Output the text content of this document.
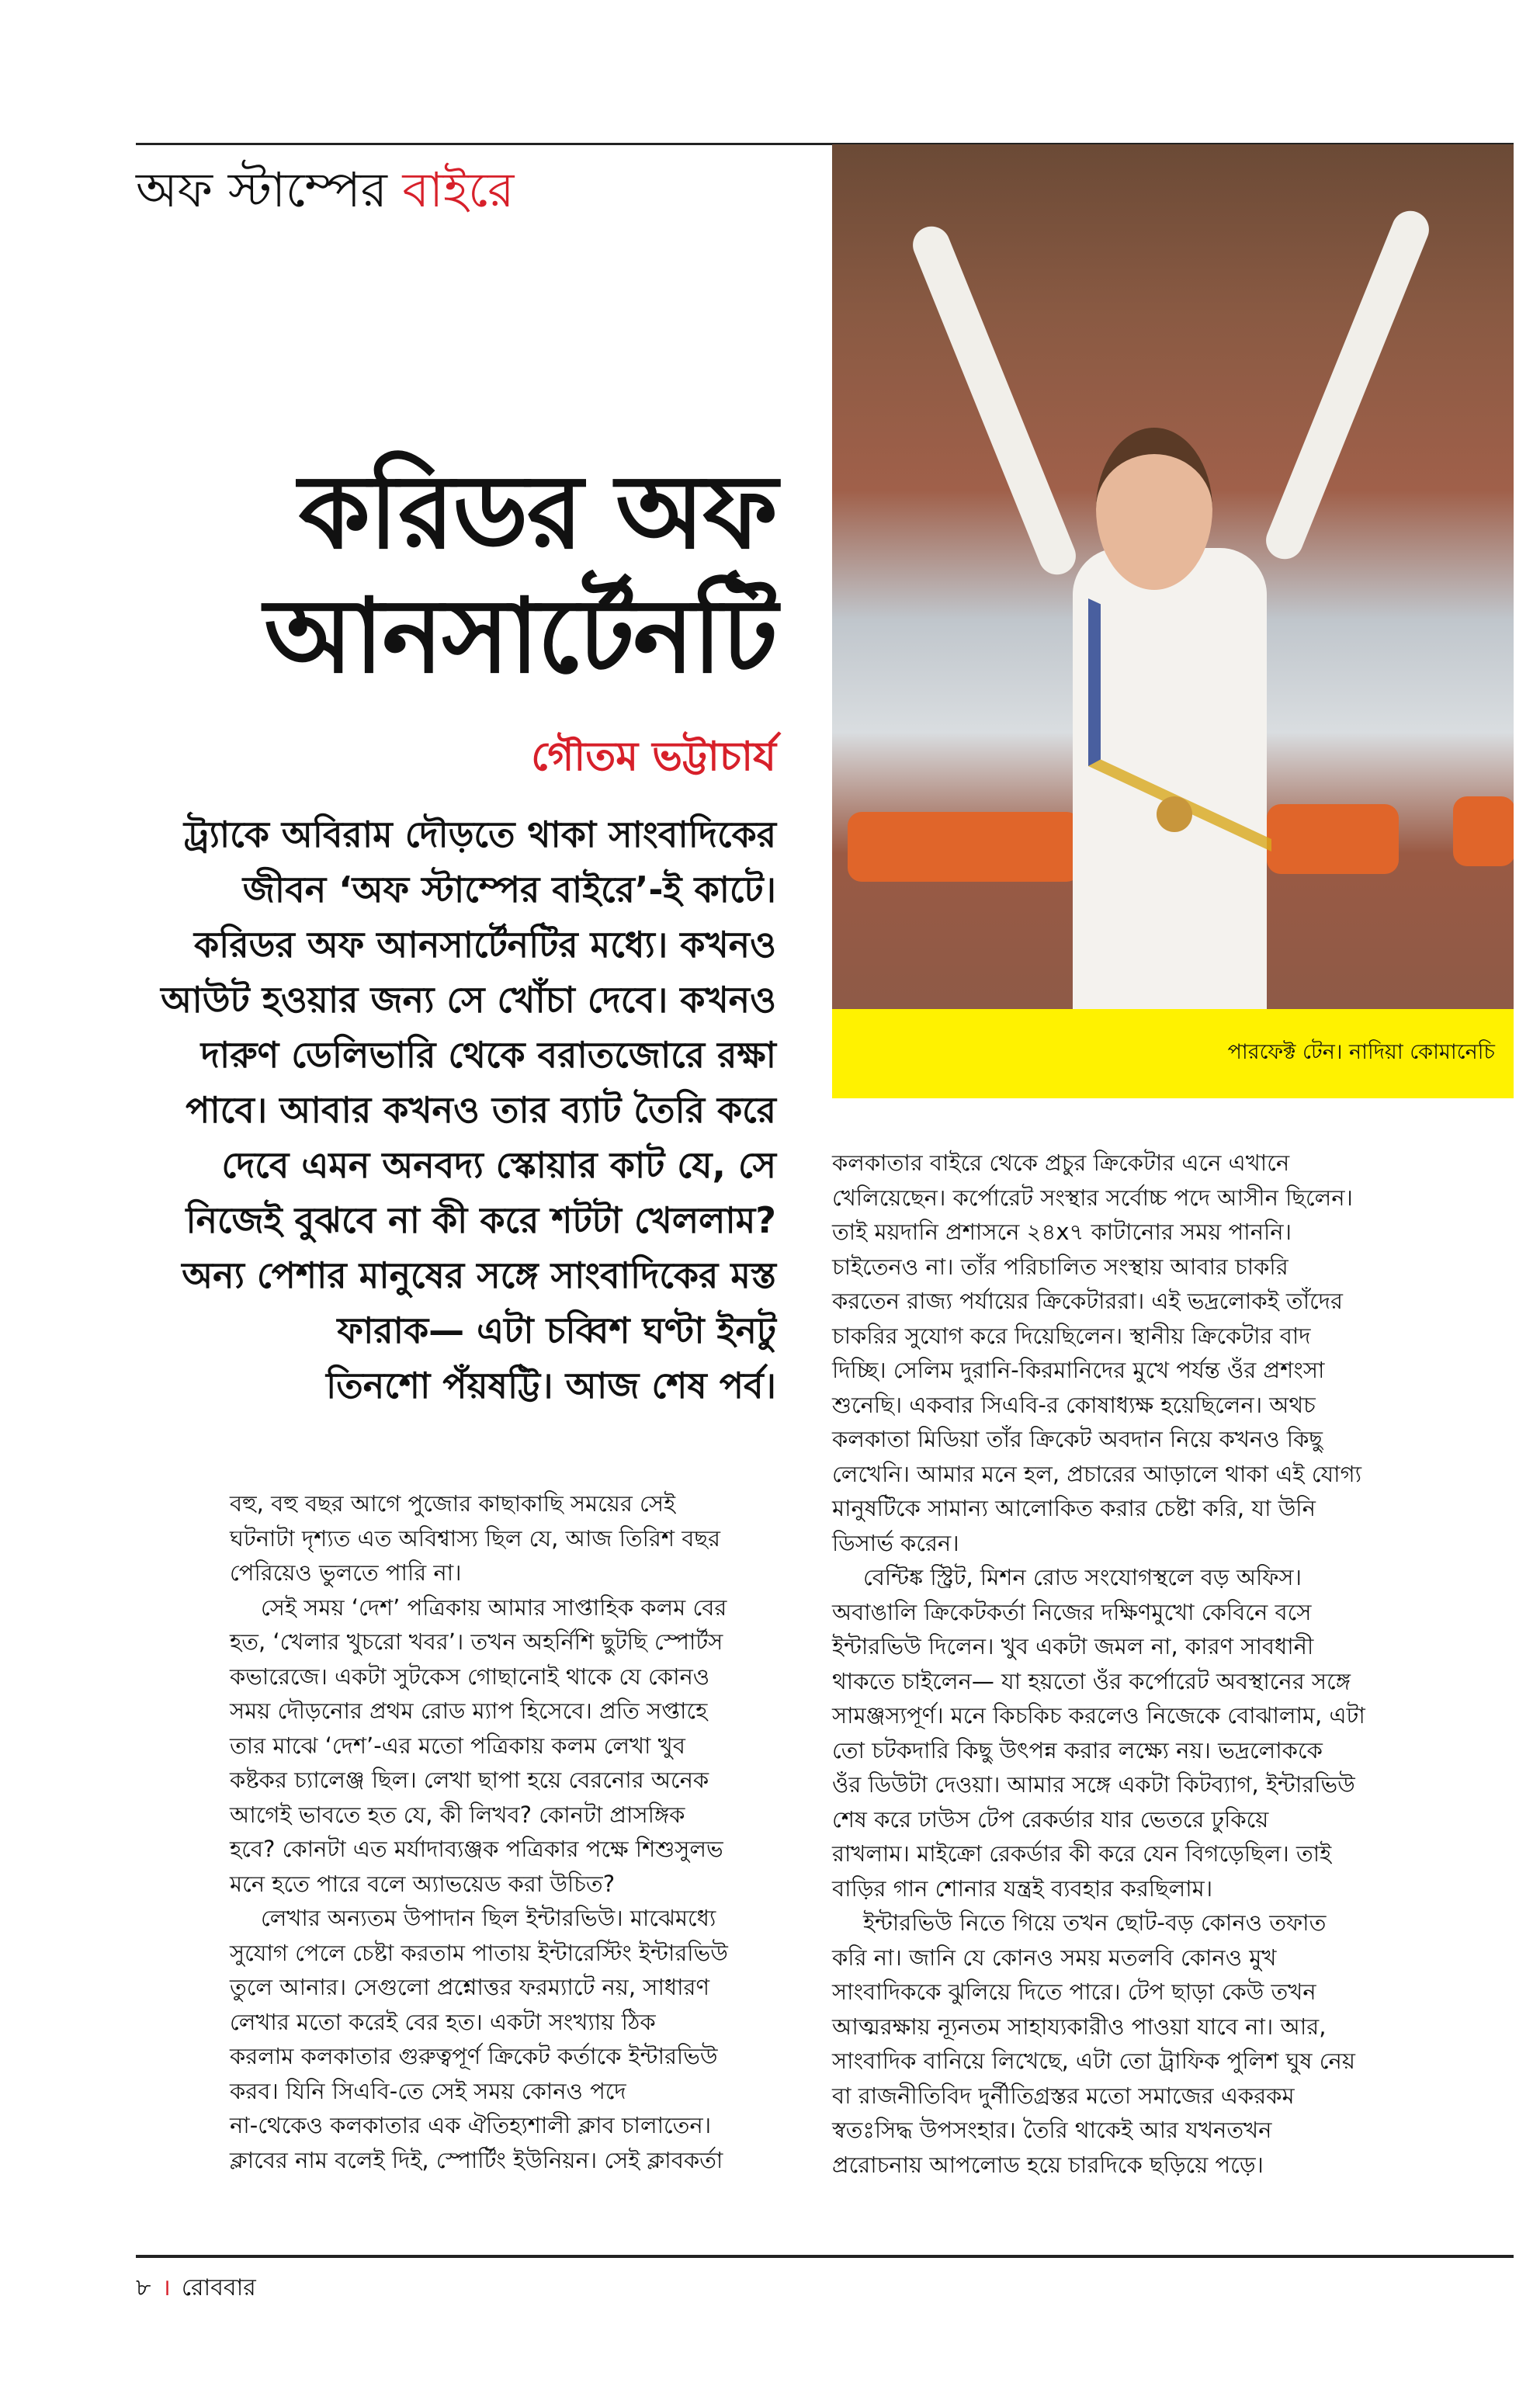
অফ স্টাম্পের বাইরে
করিডর অফ
আনসার্টেনটি
গৌতম ভট্টাচার্য
ট্র্যাকে অবিরাম দৌড়তে থাকা সাংবাদিকের
জীবন ‘অফ স্টাম্পের বাইরে’-ই কাটে।
করিডর অফ আনসার্টেনটির মধ্যে। কখনও
আউট হওয়ার জন্য সে খোঁচা দেবে। কখনও
দারুণ ডেলিভারি থেকে বরাতজোরে রক্ষা
পাবে। আবার কখনও তার ব্যাট তৈরি করে
দেবে এমন অনবদ্য স্কোয়ার কাট যে, সে
নিজেই বুঝবে না কী করে শটটা খেললাম?
অন্য পেশার মানুষের সঙ্গে সাংবাদিকের মস্ত
ফারাক— এটা চব্বিশ ঘণ্টা ইনটু
তিনশো পঁয়ষট্টি। আজ শেষ পর্ব।
পারফেক্ট টেন। নাদিয়া কোমানেচি
বহু, বহু বছর আগে পুজোর কাছাকাছি সময়ের সেই
ঘটনাটা দৃশ্যত এত অবিশ্বাস্য ছিল যে, আজ তিরিশ বছর
পেরিয়েও ভুলতে পারি না।
সেই সময় ‘দেশ’ পত্রিকায় আমার সাপ্তাহিক কলম বের
হত, ‘খেলার খুচরো খবর’। তখন অহর্নিশি ছুটছি স্পোর্টস
কভারেজে। একটা সুটকেস গোছানোই থাকে যে কোনও
সময় দৌড়নোর প্রথম রোড ম্যাপ হিসেবে। প্রতি সপ্তাহে
তার মাঝে ‘দেশ’-এর মতো পত্রিকায় কলম লেখা খুব
কষ্টকর চ্যালেঞ্জ ছিল। লেখা ছাপা হয়ে বেরনোর অনেক
আগেই ভাবতে হত যে, কী লিখব? কোনটা প্রাসঙ্গিক
হবে? কোনটা এত মর্যাদাব্যঞ্জক পত্রিকার পক্ষে শিশুসুলভ
মনে হতে পারে বলে অ্যাভয়েড করা উচিত?
লেখার অন্যতম উপাদান ছিল ইন্টারভিউ। মাঝেমধ্যে
সুযোগ পেলে চেষ্টা করতাম পাতায় ইন্টারেস্টিং ইন্টারভিউ
তুলে আনার। সেগুলো প্রশ্নোত্তর ফরম্যাটে নয়, সাধারণ
লেখার মতো করেই বের হত। একটা সংখ্যায় ঠিক
করলাম কলকাতার গুরুত্বপূর্ণ ক্রিকেট কর্তাকে ইন্টারভিউ
করব। যিনি সিএবি-তে সেই সময় কোনও পদে
না-থেকেও কলকাতার এক ঐতিহ্যশালী ক্লাব চালাতেন।
ক্লাবের নাম বলেই দিই, স্পোর্টিং ইউনিয়ন। সেই ক্লাবকর্তা
কলকাতার বাইরে থেকে প্রচুর ক্রিকেটার এনে এখানে
খেলিয়েছেন। কর্পোরেট সংস্থার সর্বোচ্চ পদে আসীন ছিলেন।
তাই ময়দানি প্রশাসনে ২৪x৭ কাটানোর সময় পাননি।
চাইতেনও না। তাঁর পরিচালিত সংস্থায় আবার চাকরি
করতেন রাজ্য পর্যায়ের ক্রিকেটাররা। এই ভদ্রলোকই তাঁদের
চাকরির সুযোগ করে দিয়েছিলেন। স্থানীয় ক্রিকেটার বাদ
দিচ্ছি। সেলিম দুরানি-কিরমানিদের মুখে পর্যন্ত ওঁর প্রশংসা
শুনেছি। একবার সিএবি-র কোষাধ্যক্ষ হয়েছিলেন। অথচ
কলকাতা মিডিয়া তাঁর ক্রিকেট অবদান নিয়ে কখনও কিছু
লেখেনি। আমার মনে হল, প্রচারের আড়ালে থাকা এই যোগ্য
মানুষটিকে সামান্য আলোকিত করার চেষ্টা করি, যা উনি
ডিসার্ভ করেন।
বেন্টিঙ্ক স্ট্রিট, মিশন রোড সংযোগস্থলে বড় অফিস।
অবাঙালি ক্রিকেটকর্তা নিজের দক্ষিণমুখো কেবিনে বসে
ইন্টারভিউ দিলেন। খুব একটা জমল না, কারণ সাবধানী
থাকতে চাইলেন— যা হয়তো ওঁর কর্পোরেট অবস্থানের সঙ্গে
সামঞ্জস্যপূর্ণ। মনে কিচকিচ করলেও নিজেকে বোঝালাম, এটা
তো চটকদারি কিছু উৎপন্ন করার লক্ষ্যে নয়। ভদ্রলোককে
ওঁর ডিউটা দেওয়া। আমার সঙ্গে একটা কিটব্যাগ, ইন্টারভিউ
শেষ করে ঢাউস টেপ রেকর্ডার যার ভেতরে ঢুকিয়ে
রাখলাম। মাইক্রো রেকর্ডার কী করে যেন বিগড়েছিল। তাই
বাড়ির গান শোনার যন্ত্রই ব্যবহার করছিলাম।
ইন্টারভিউ নিতে গিয়ে তখন ছোট-বড় কোনও তফাত
করি না। জানি যে কোনও সময় মতলবি কোনও মুখ
সাংবাদিককে ঝুলিয়ে দিতে পারে। টেপ ছাড়া কেউ তখন
আত্মরক্ষায় ন্যূনতম সাহায্যকারীও পাওয়া যাবে না। আর,
সাংবাদিক বানিয়ে লিখেছে, এটা তো ট্রাফিক পুলিশ ঘুষ নেয়
বা রাজনীতিবিদ দুর্নীতিগ্রস্তর মতো সমাজের একরকম
স্বতঃসিদ্ধ উপসংহার। তৈরি থাকেই আর যখনতখন
প্ররোচনায় আপলোড হয়ে চারদিকে ছড়িয়ে পড়ে।
৮ । রোববার
